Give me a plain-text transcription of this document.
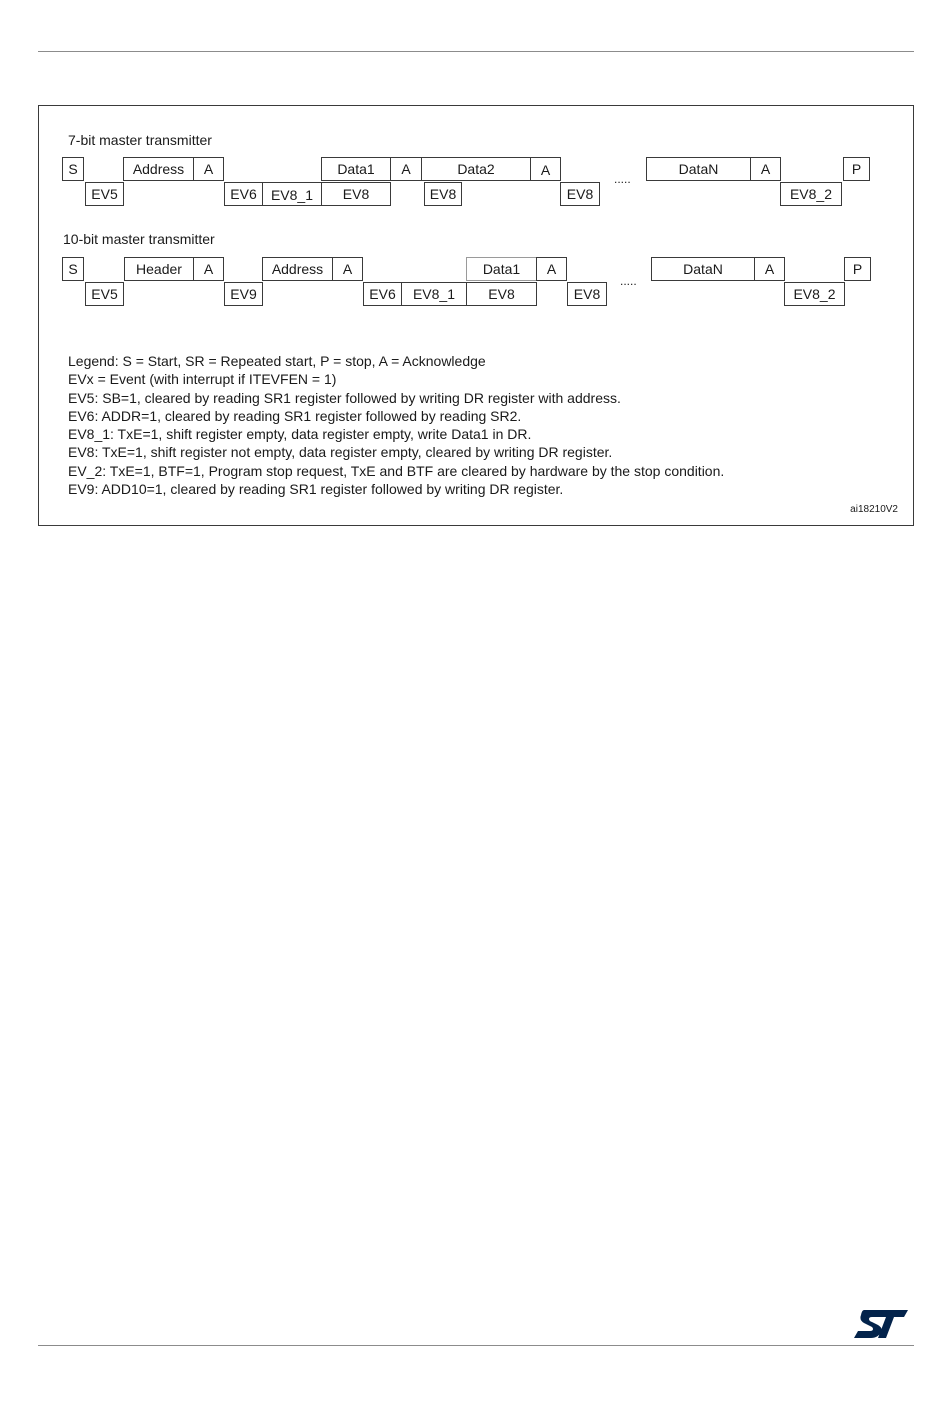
7-bit master transmitter
S	Address	A	Data1	A	Data2	A	DataN	A	P
EV5	EV6	EV8_1	EV8	EV8	EV8	EV8_2
.....
10-bit master transmitter
S	Header	A	Address	A	Data1	A	DataN	A	P
EV5	EV9	EV6	EV8_1	EV8	EV8	EV8_2
.....
Legend: S = Start, SR = Repeated start, P = stop, A = Acknowledge
EVx = Event (with interrupt if ITEVFEN = 1)
EV5: SB=1, cleared by reading SR1 register followed by writing DR register with address.
EV6: ADDR=1, cleared by reading SR1 register followed by reading SR2.
EV8_1: TxE=1, shift register empty, data register empty, write Data1 in DR.
EV8: TxE=1, shift register not empty, data register empty, cleared by writing DR register.
EV_2: TxE=1, BTF=1, Program stop request, TxE and BTF are cleared by hardware by the stop condition.
EV9: ADD10=1, cleared by reading SR1 register followed by writing DR register.
ai18210V2
